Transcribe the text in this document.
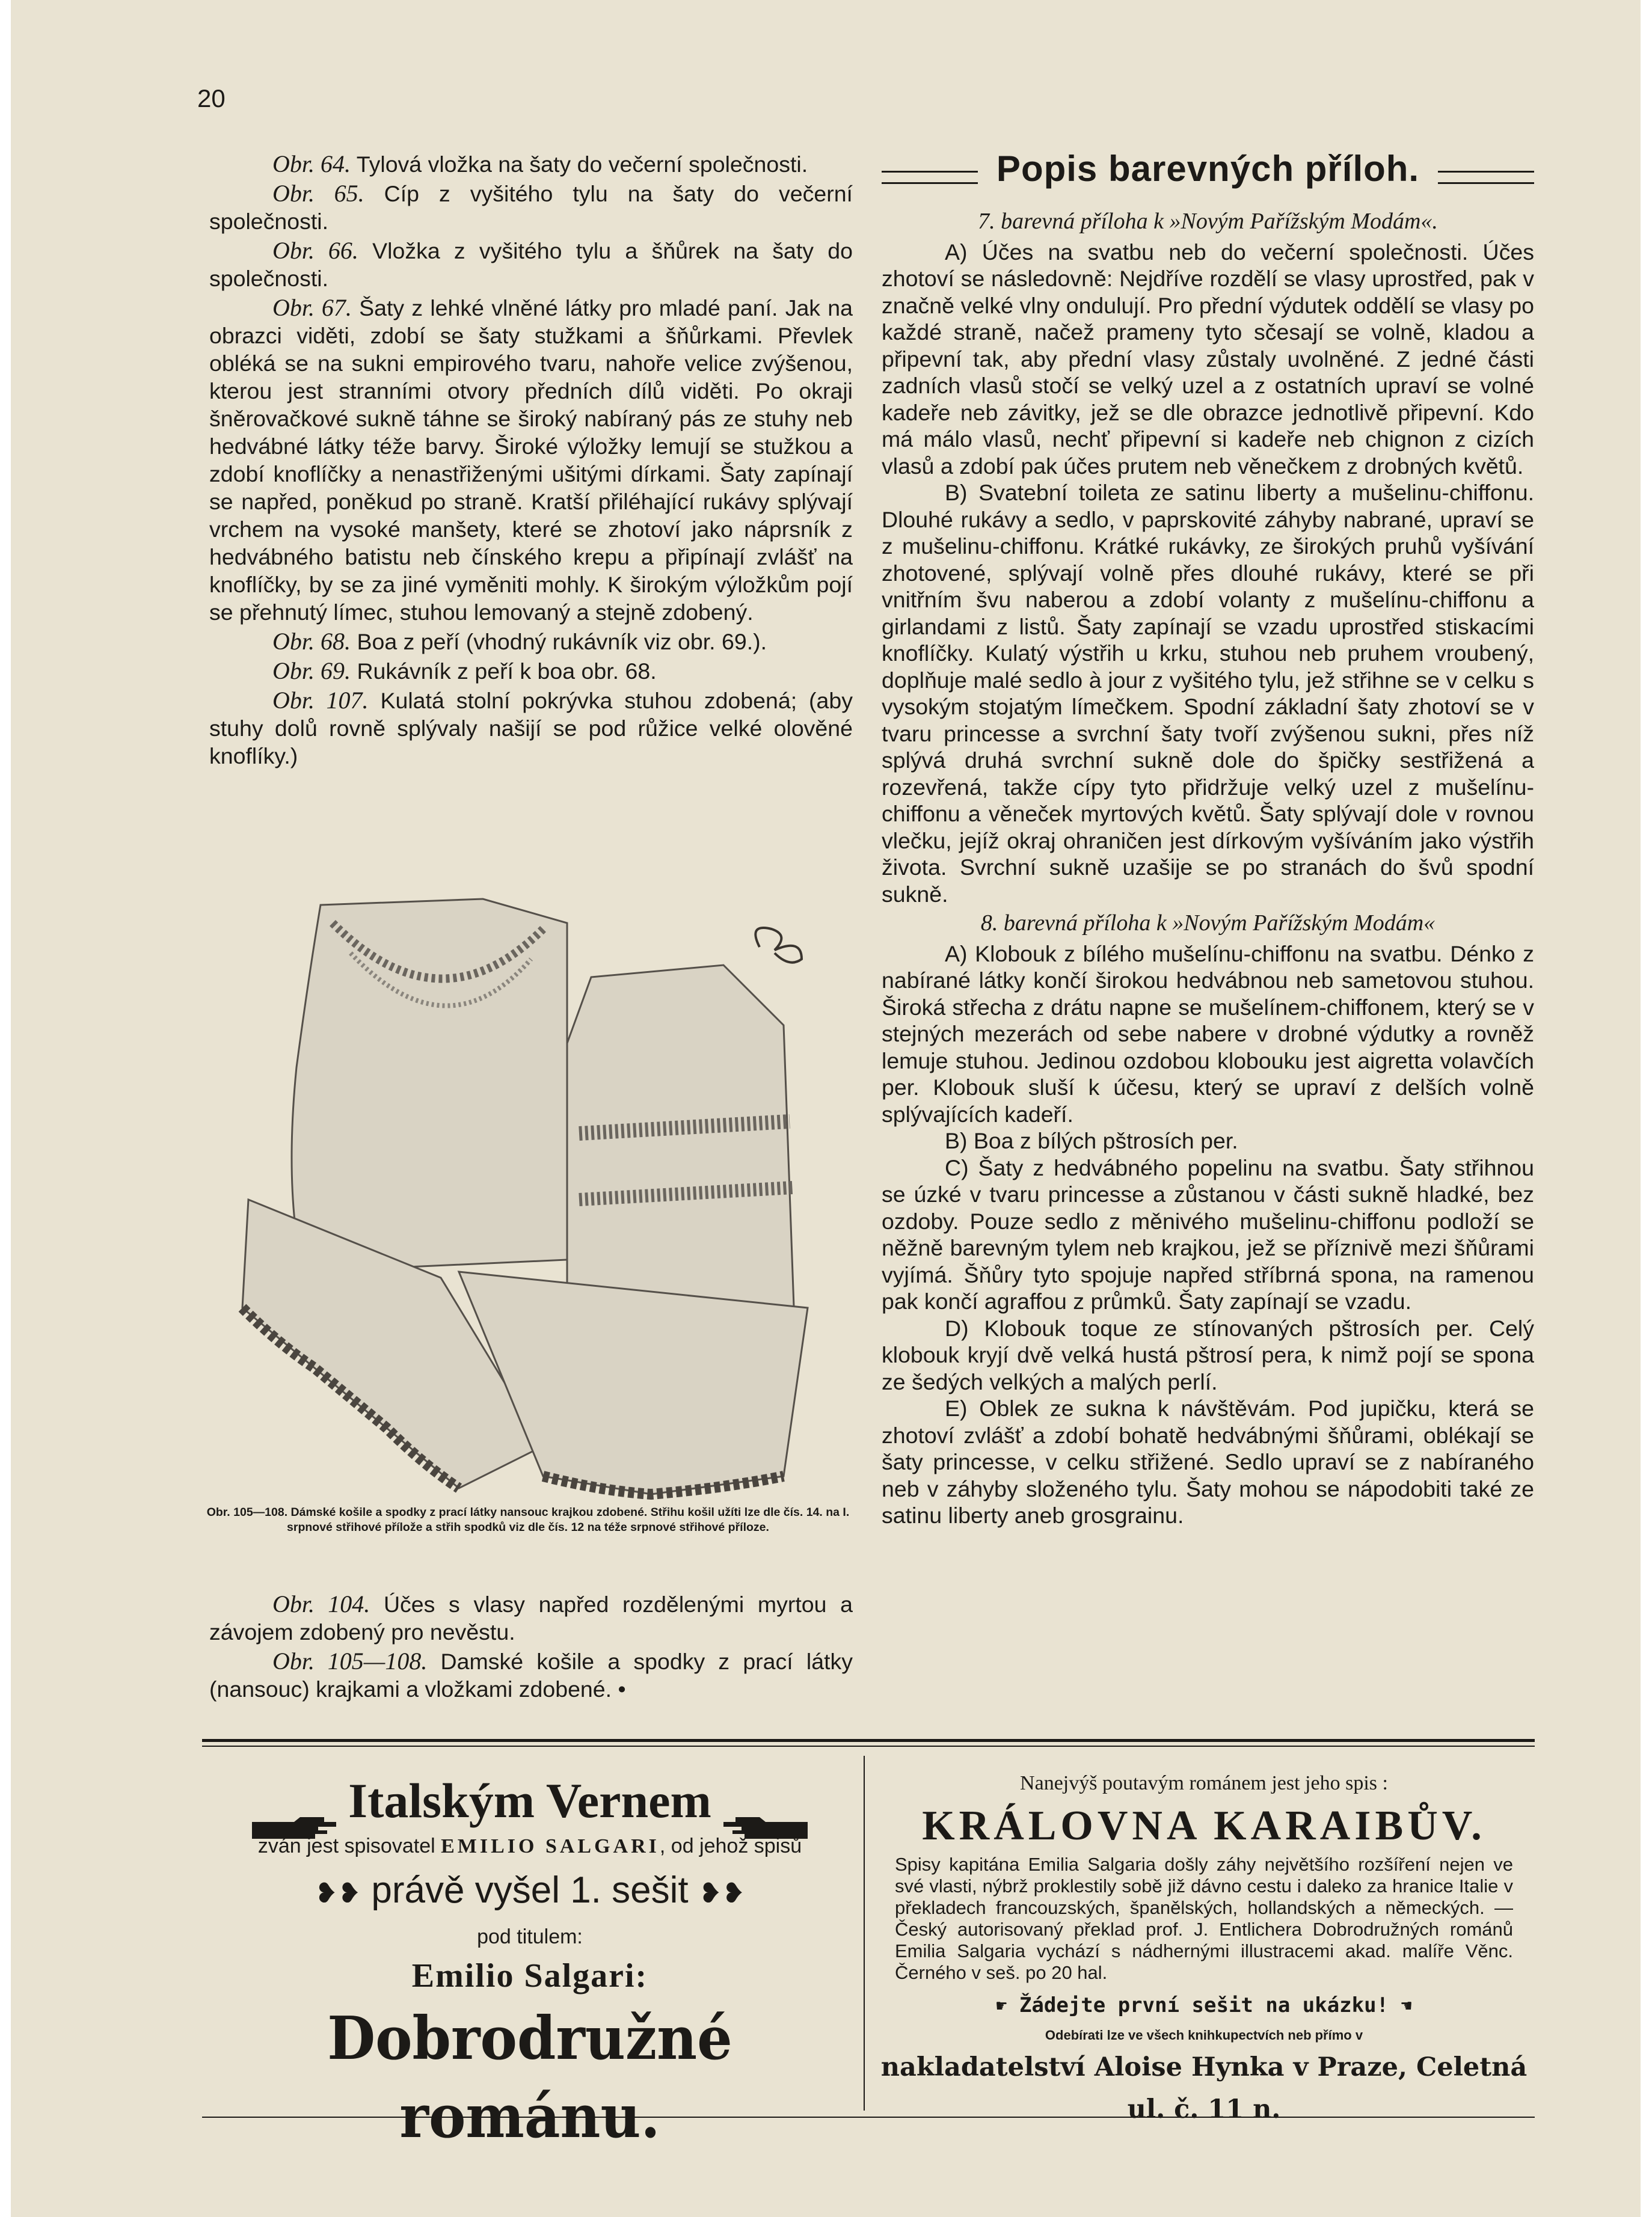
20

Obr. 64. Tylová vložka na šaty do večerní společnosti.

Obr. 65. Cíp z vyšitého tylu na šaty do večerní společnosti.

Obr. 66. Vložka z vyšitého tylu a šňůrek na šaty do společnosti.

Obr. 67. Šaty z lehké vlněné látky pro mladé paní. Jak na obrazci viděti, zdobí se šaty stužkami a šňůrkami. Převlek obléká se na sukni empirového tvaru, nahoře velice zvýšenou, kterou jest stranními otvory předních dílů viděti. Po okraji šněrovačkové sukně táhne se široký nabíraný pás ze stuhy neb hedvábné látky téže barvy. Široké výložky lemují se stužkou a zdobí knoflíčky a nenastřiženými ušitými dírkami. Šaty zapínají se napřed, poněkud po straně. Kratší přiléhající rukávy splývají vrchem na vysoké manšety, které se zhotoví jako náprsník z hedvábného batistu neb čínského krepu a připínají zvlášť na knoflíčky, by se za jiné vyměniti mohly. K širokým výložkům pojí se přehnutý límec, stuhou lemovaný a stejně zdobený.

Obr. 68. Boa z peří (vhodný rukávník viz obr. 69.).

Obr. 69. Rukávník z peří k boa obr. 68.

Obr. 107. Kulatá stolní pokrývka stuhou zdobená; (aby stuhy dolů rovně splývaly našijí se pod růžice velké olověné knoflíky.)

Obr. 105—108. Dámské košile a spodky z prací látky nansouc krajkou zdobené. Střihu košil užíti lze dle čís. 14. na I. srpnové střihové přílože a střih spodků viz dle čís. 12 na téže srpnové střihové příloze.

Obr. 104. Účes s vlasy napřed rozdělenými myrtou a závojem zdobený pro nevěstu.

Obr. 105—108. Damské košile a spodky z prací látky (nansouc) krajkami a vložkami zdobené. •

Popis barevných příloh.

7. barevná příloha k »Novým Pařížským Modám«.

A) Účes na svatbu neb do večerní společnosti. Účes zhotoví se následovně: Nejdříve rozdělí se vlasy uprostřed, pak v značně velké vlny ondulují. Pro přední výdutek oddělí se vlasy po každé straně, načež prameny tyto sčesají se volně, kladou a připevní tak, aby přední vlasy zůstaly uvolněné. Z jedné části zadních vlasů stočí se velký uzel a z ostatních upraví se volné kadeře neb závitky, jež se dle obrazce jednotlivě připevní. Kdo má málo vlasů, nechť připevní si kadeře neb chignon z cizích vlasů a zdobí pak účes prutem neb věnečkem z drobných květů.

B) Svatební toileta ze satinu liberty a mušelinu-chiffonu. Dlouhé rukávy a sedlo, v paprskovité záhyby nabrané, upraví se z mušelinu-chiffonu. Krátké rukávky, ze širokých pruhů vyšívání zhotovené, splývají volně přes dlouhé rukávy, které se při vnitřním švu naberou a zdobí volanty z mušelínu-chiffonu a girlandami z listů. Šaty zapínají se vzadu uprostřed stiskacími knoflíčky. Kulatý výstřih u krku, stuhou neb pruhem vroubený, doplňuje malé sedlo à jour z vyšitého tylu, jež střihne se v celku s vysokým stojatým límečkem. Spodní základní šaty zhotoví se v tvaru princesse a svrchní šaty tvoří zvýšenou sukni, přes níž splývá druhá svrchní sukně dole do špičky sestřižená a rozevřená, takže cípy tyto přidržuje velký uzel z mušelínu-chiffonu a věneček myrtových květů. Šaty splývají dole v rovnou vlečku, jejíž okraj ohraničen jest dírkovým vyšíváním jako výstřih života. Svrchní sukně uzašije se po stranách do švů spodní sukně.

8. barevná příloha k »Novým Pařížským Modám«

A) Klobouk z bílého mušelínu-chiffonu na svatbu. Dénko z nabírané látky končí širokou hedvábnou neb sametovou stuhou. Široká střecha z drátu napne se mušelínem-chiffonem, který se v stejných mezerách od sebe nabere v drobné výdutky a rovněž lemuje stuhou. Jedinou ozdobou klobouku jest aigretta volavčích per. Klobouk sluší k účesu, který se upraví z delších volně splývajících kadeří.

B) Boa z bílých pštrosích per.

C) Šaty z hedvábného popelinu na svatbu. Šaty střihnou se úzké v tvaru princesse a zůstanou v části sukně hladké, bez ozdoby. Pouze sedlo z měnivého mušelinu-chiffonu podloží se něžně barevným tylem neb krajkou, jež se příznivě mezi šňůrami vyjímá. Šňůry tyto spojuje napřed stříbrná spona, na ramenou pak končí agraffou z průmků. Šaty zapínají se vzadu.

D) Klobouk toque ze stínovaných pštrosích per. Celý klobouk kryjí dvě velká hustá pštrosí pera, k nimž pojí se spona ze šedých velkých a malých perlí.

E) Oblek ze sukna k návštěvám. Pod jupičku, která se zhotoví zvlášť a zdobí bohatě hedvábnými šňůrami, oblékají se šaty princesse, v celku střižené. Sedlo upraví se z nabíraného neb v záhyby složeného tylu. Šaty mohou se nápodobiti také ze satinu liberty aneb grosgrainu.

Italským Vernem
zván jest spisovatel EMILIO SALGARI, od jehož spisů
❥❥ právě vyšel 1. sešit ❥❥
pod titulem:
Emilio Salgari:
Dobrodružné románu.
Nanejvýš poutavým románem jest jeho spis :
KRÁLOVNA KARAIBŮV.
Spisy kapitána Emilia Salgaria došly záhy největšího rozšíření nejen ve své vlasti, nýbrž proklestily sobě již dávno cestu i daleko za hranice Italie v překladech francouzských, španělských, hollandských a německých. — Český autorisovaný překlad prof. J. Entlichera Dobrodružných románů Emilia Salgaria vychází s nádhernými illustracemi akad. malíře Věnc. Černého v seš. po 20 hal.
☛ Žádejte první sešit na ukázku! ☚
Odebírati lze ve všech knihkupectvích neb přímo v
nakladatelství Aloise Hynka v Praze, Celetná ul. č. 11 n.
